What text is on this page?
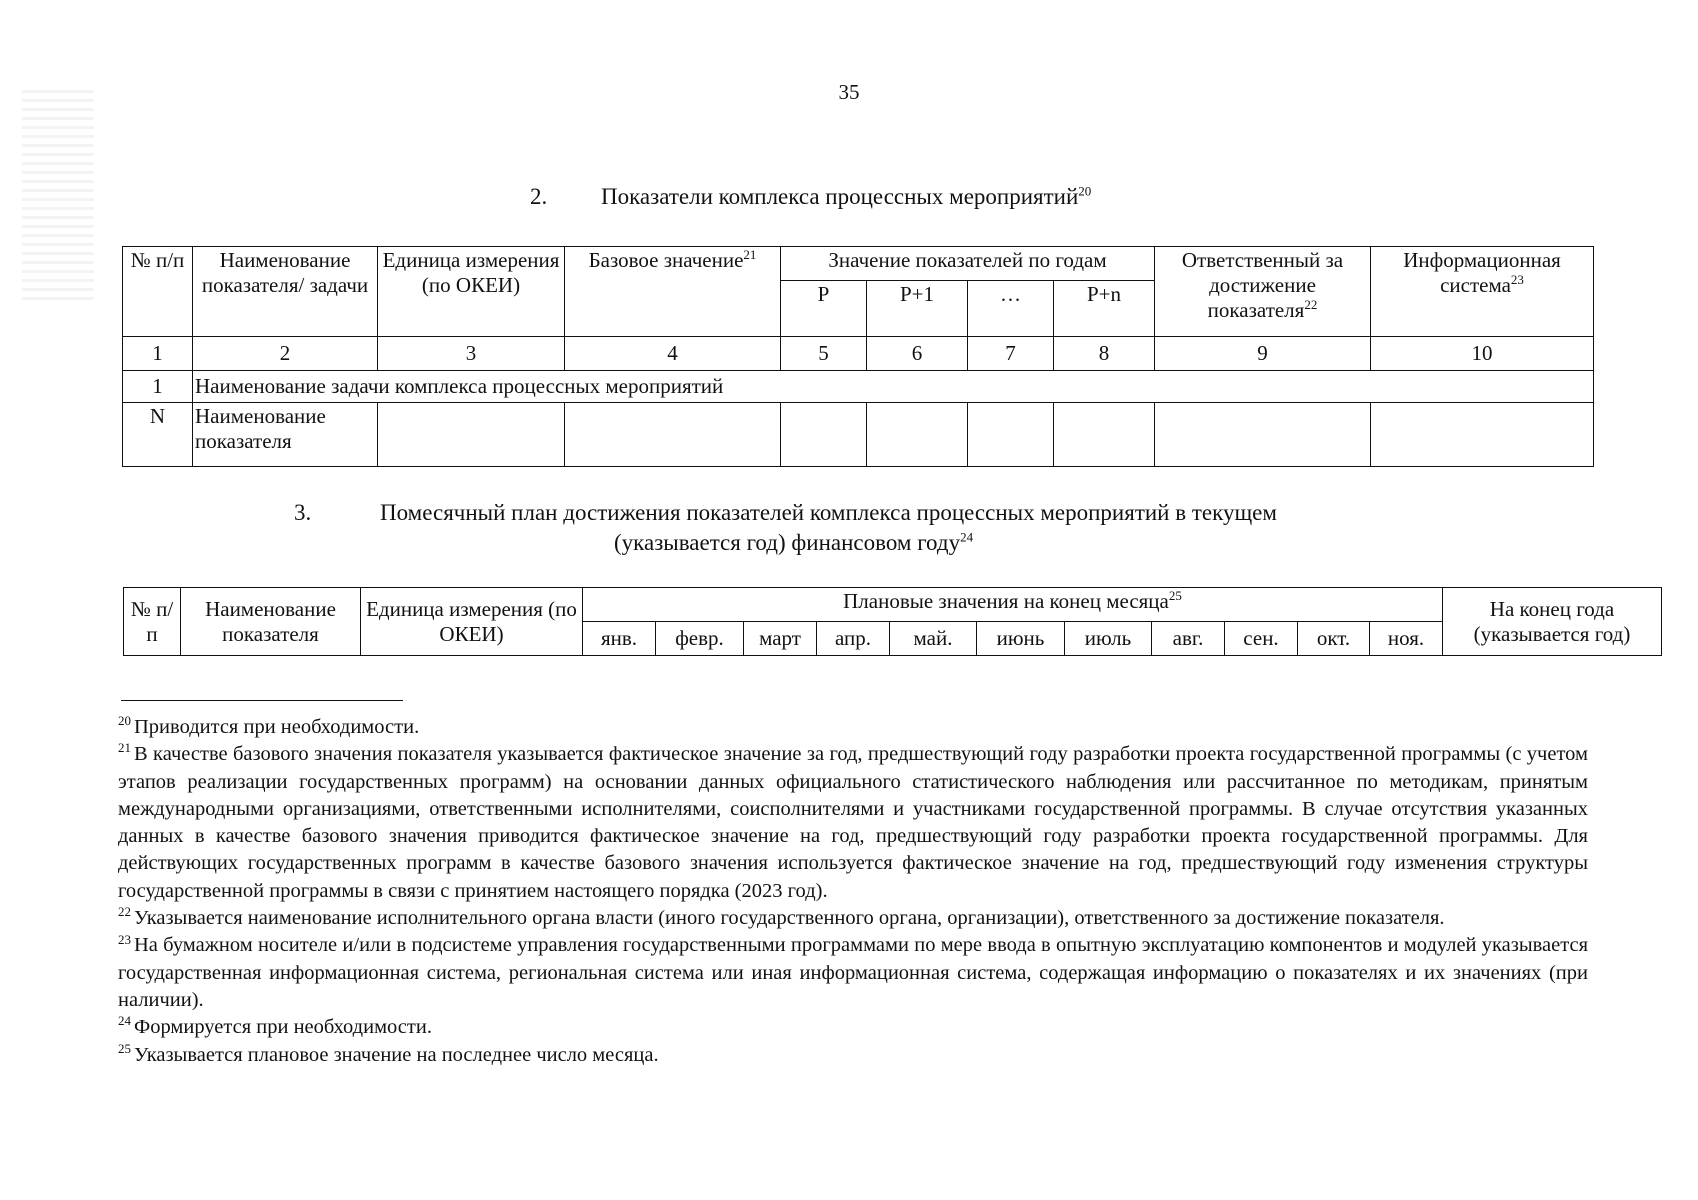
35
2. Показатели комплекса процессных мероприятий$^{20}$
№ п/п	Наименование показателя/ задачи	Единица измерения (по ОКЕИ)	Базовое значение$^{21}$	Значение показателей по годам				Ответственный за достижение показателя$^{22}$	Информационная система$^{23}$
				Р	Р+1	…	Р+n		
1	2	3	4	5	6	7	8	9	10
1	Наименование задачи комплекса процессных мероприятий								
N	Наименование показателя								
3.	Помесячный план достижения показателей комплекса процессных мероприятий в текущем
(указывается год) финансовом году$^{24}$
№ п/п	Наименование показателя	Единица измерения (по ОКЕИ)	Плановые значения на конец месяца$^{25}$											На конец года (указывается год)
			янв.	февр.	март	апр.	май.	июнь	июль	авг.	сен.	окт.	ноя.	

$^{20}$ Приводится при необходимости.

$^{21}$ В качестве базового значения показателя указывается фактическое значение за год, предшествующий году разработки проекта государственной программы (с учетом этапов реализации государственных программ) на основании данных официального статистического наблюдения или рассчитанное по методикам, принятым международными организациями, ответственными исполнителями, соисполнителями и участниками государственной программы. В случае отсутствия указанных данных в качестве базового значения приводится фактическое значение на год, предшествующий году разработки проекта государственной программы. Для действующих государственных программ в качестве базового значения используется фактическое значение на год, предшествующий году изменения структуры государственной программы в связи с принятием настоящего порядка (2023 год).

$^{22}$ Указывается наименование исполнительного органа власти (иного государственного органа, организации), ответственного за достижение показателя.

$^{23}$ На бумажном носителе и/или в подсистеме управления государственными программами по мере ввода в опытную эксплуатацию компонентов и модулей указывается государственная информационная система, региональная система или иная информационная система, содержащая информацию о показателях и их значениях (при наличии).

$^{24}$ Формируется при необходимости.

$^{25}$ Указывается плановое значение на последнее число месяца.
